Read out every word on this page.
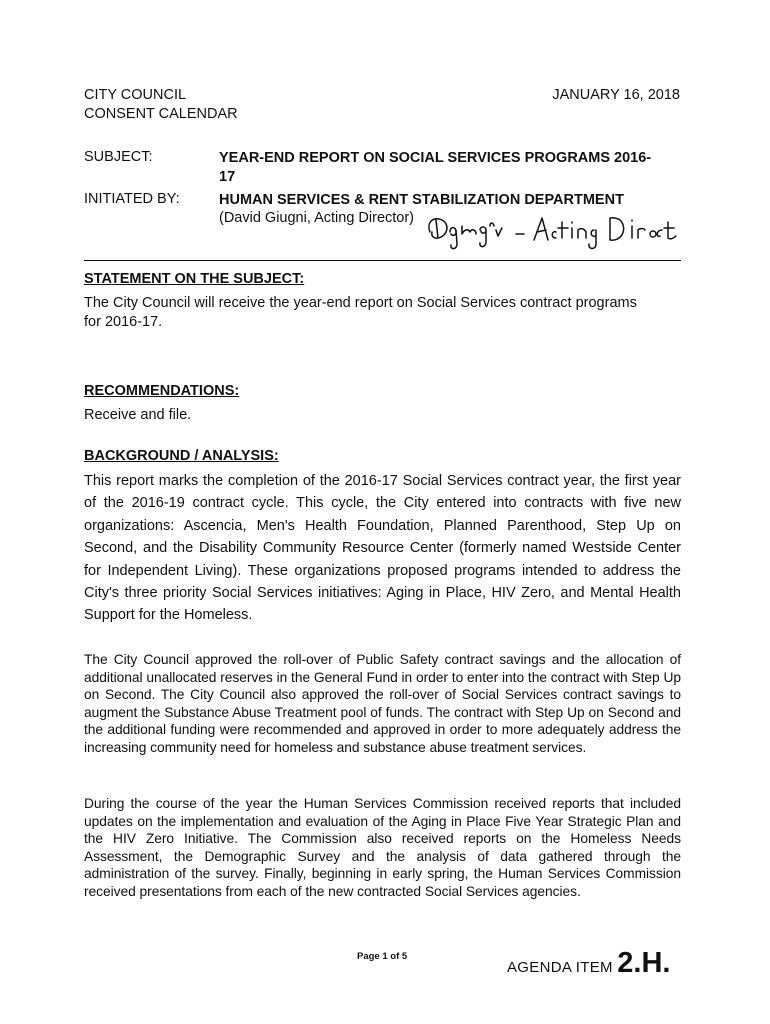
CITY COUNCIL
CONSENT CALENDAR
JANUARY 16, 2018
SUBJECT:	YEAR-END REPORT ON SOCIAL SERVICES PROGRAMS 2016-
17
INITIATED BY:	HUMAN SERVICES & RENT STABILIZATION DEPARTMENT
(David Giugni, Acting Director)
STATEMENT ON THE SUBJECT:
The City Council will receive the year-end report on Social Services contract programs
for 2016-17.
RECOMMENDATIONS:
Receive and file.
BACKGROUND / ANALYSIS:
This report marks the completion of the 2016-17 Social Services contract year, the first year of the 2016-19 contract cycle. This cycle, the City entered into contracts with five new organizations: Ascencia, Men's Health Foundation, Planned Parenthood, Step Up on Second, and the Disability Community Resource Center (formerly named Westside Center for Independent Living). These organizations proposed programs intended to address the City's three priority Social Services initiatives: Aging in Place, HIV Zero, and Mental Health Support for the Homeless.
The City Council approved the roll-over of Public Safety contract savings and the allocation of additional unallocated reserves in the General Fund in order to enter into the contract with Step Up on Second. The City Council also approved the roll-over of Social Services contract savings to augment the Substance Abuse Treatment pool of funds. The contract with Step Up on Second and the additional funding were recommended and approved in order to more adequately address the increasing community need for homeless and substance abuse treatment services.
During the course of the year the Human Services Commission received reports that included updates on the implementation and evaluation of the Aging in Place Five Year Strategic Plan and the HIV Zero Initiative. The Commission also received reports on the Homeless Needs Assessment, the Demographic Survey and the analysis of data gathered through the administration of the survey. Finally, beginning in early spring, the Human Services Commission received presentations from each of the new contracted Social Services agencies.
Page 1 of 5
AGENDA ITEM 2.H.
